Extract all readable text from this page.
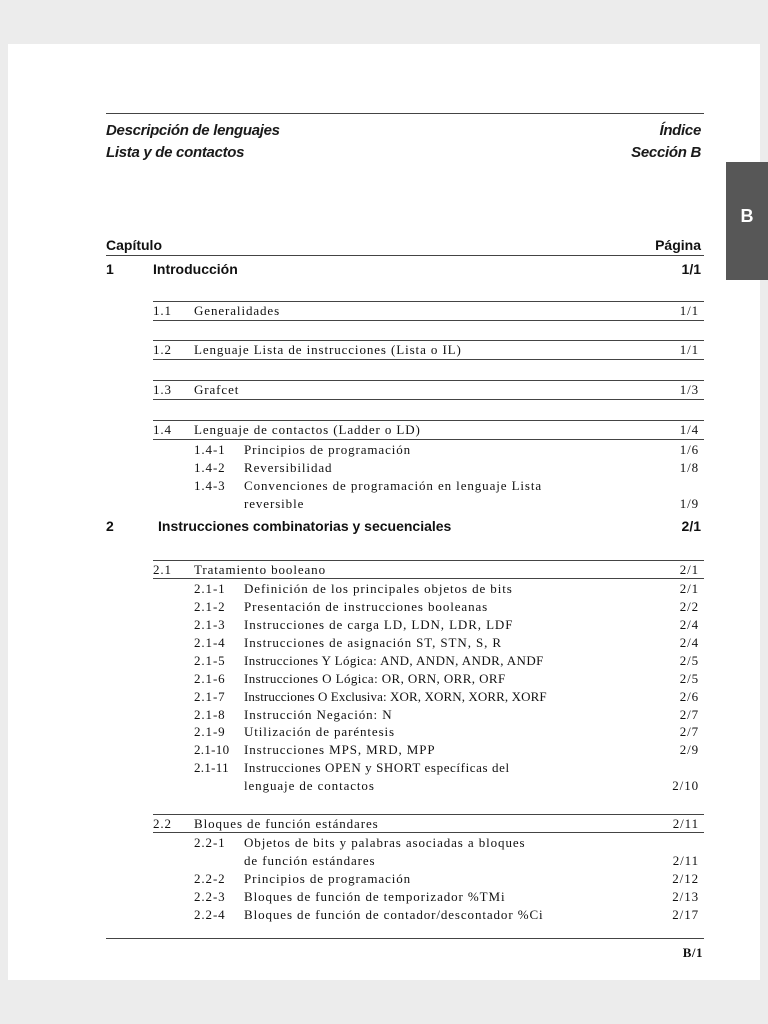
B
Descripción de lenguajes
Lista y de contactos
Índice
Sección B
Capítulo	Página
1	Introducción	1/1
1.1 Generalidades	1/1
1.2 Lenguaje Lista de instrucciones (Lista o IL)	1/1
1.3 Grafcet	1/3
1.4 Lenguaje de contactos (Ladder o LD)	1/4
1.4-1 Principios de programación	1/6
1.4-2 Reversibilidad	1/8
1.4-3 Convenciones de programación en lenguaje Lista
reversible	1/9
2	Instrucciones combinatorias y secuenciales	2/1
2.1 Tratamiento booleano	2/1
2.1-1 Definición de los principales objetos de bits	2/1
2.1-2 Presentación de instrucciones booleanas	2/2
2.1-3 Instrucciones de carga LD, LDN, LDR, LDF	2/4
2.1-4 Instrucciones de asignación ST, STN, S, R	2/4
2.1-5 Instrucciones Y Lógica: AND, ANDN, ANDR, ANDF	2/5
2.1-6 Instrucciones O Lógica: OR, ORN, ORR, ORF	2/5
2.1-7 Instrucciones O Exclusiva: XOR, XORN, XORR, XORF	2/6
2.1-8 Instrucción Negación: N	2/7
2.1-9 Utilización de paréntesis	2/7
2.1-10 Instrucciones MPS, MRD, MPP	2/9
2.1-11 Instrucciones OPEN y SHORT específicas del
lenguaje de contactos	2/10
2.2 Bloques de función estándares	2/11
2.2-1 Objetos de bits y palabras asociadas a bloques
de función estándares	2/11
2.2-2 Principios de programación	2/12
2.2-3 Bloques de función de temporizador %TMi	2/13
2.2-4 Bloques de función de contador/descontador %Ci	2/17
B/1
